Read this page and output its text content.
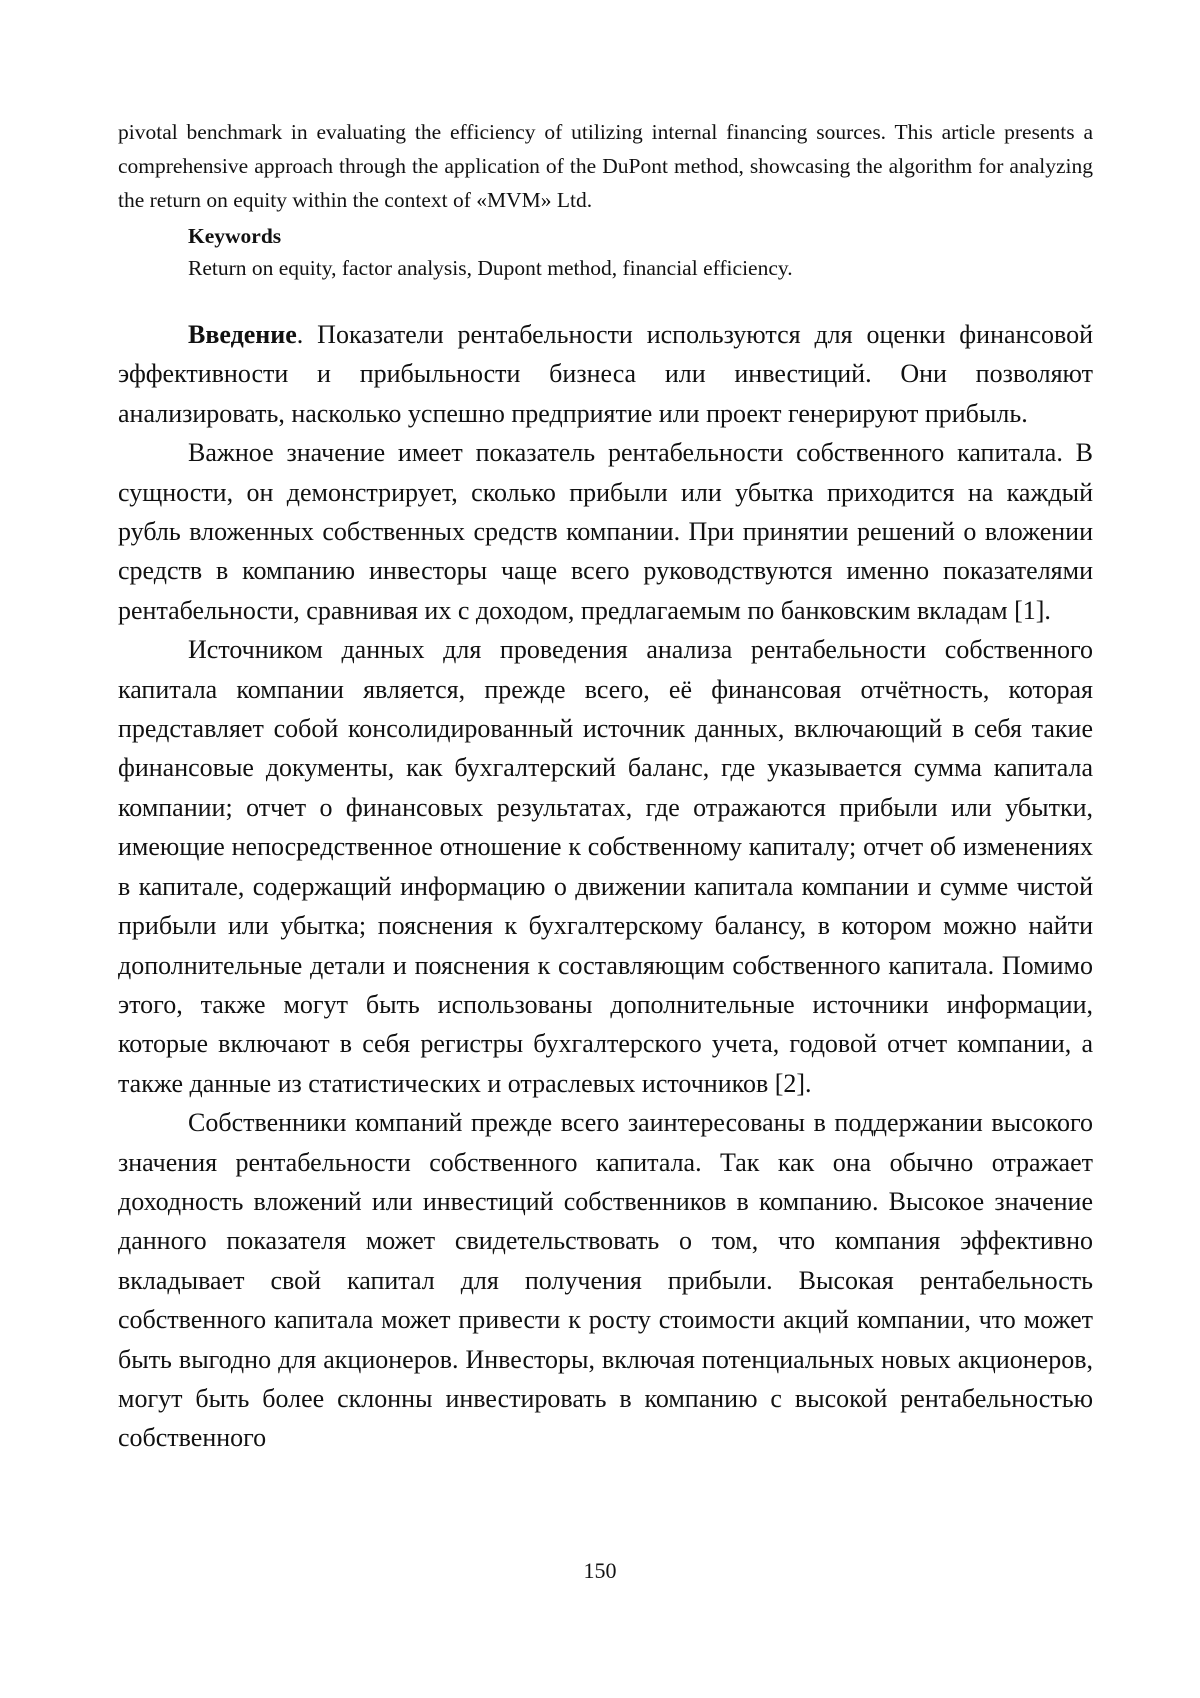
pivotal benchmark in evaluating the efficiency of utilizing internal financing sources. This article presents a comprehensive approach through the application of the DuPont method, showcasing the algorithm for analyzing the return on equity within the context of «MVM» Ltd.

Keywords
Return on equity, factor analysis, Dupont method, financial efficiency.

Введение. Показатели рентабельности используются для оценки финансовой эффективности и прибыльности бизнеса или инвестиций. Они позволяют анализировать, насколько успешно предприятие или проект генерируют прибыль.

Важное значение имеет показатель рентабельности собственного капитала. В сущности, он демонстрирует, сколько прибыли или убытка приходится на каждый рубль вложенных собственных средств компании. При принятии решений о вложении средств в компанию инвесторы чаще всего руководствуются именно показателями рентабельности, сравнивая их с доходом, предлагаемым по банковским вкладам [1].

Источником данных для проведения анализа рентабельности собственного капитала компании является, прежде всего, её финансовая отчётность, которая представляет собой консолидированный источник данных, включающий в себя такие финансовые документы, как бухгалтерский баланс, где указывается сумма капитала компании; отчет о финансовых результатах, где отражаются прибыли или убытки, имеющие непосредственное отношение к собственному капиталу; отчет об изменениях в капитале, содержащий информацию о движении капитала компании и сумме чистой прибыли или убытка; пояснения к бухгалтерскому балансу, в котором можно найти дополнительные детали и пояснения к составляющим собственного капитала. Помимо этого, также могут быть использованы дополнительные источники информации, которые включают в себя регистры бухгалтерского учета, годовой отчет компании, а также данные из статистических и отраслевых источников [2].

Собственники компаний прежде всего заинтересованы в поддержании высокого значения рентабельности собственного капитала. Так как она обычно отражает доходность вложений или инвестиций собственников в компанию. Высокое значение данного показателя может свидетельствовать о том, что компания эффективно вкладывает свой капитал для получения прибыли. Высокая рентабельность собственного капитала может привести к росту стоимости акций компании, что может быть выгодно для акционеров. Инвесторы, включая потенциальных новых акционеров, могут быть более склонны инвестировать в компанию с высокой рентабельностью собственного

150
